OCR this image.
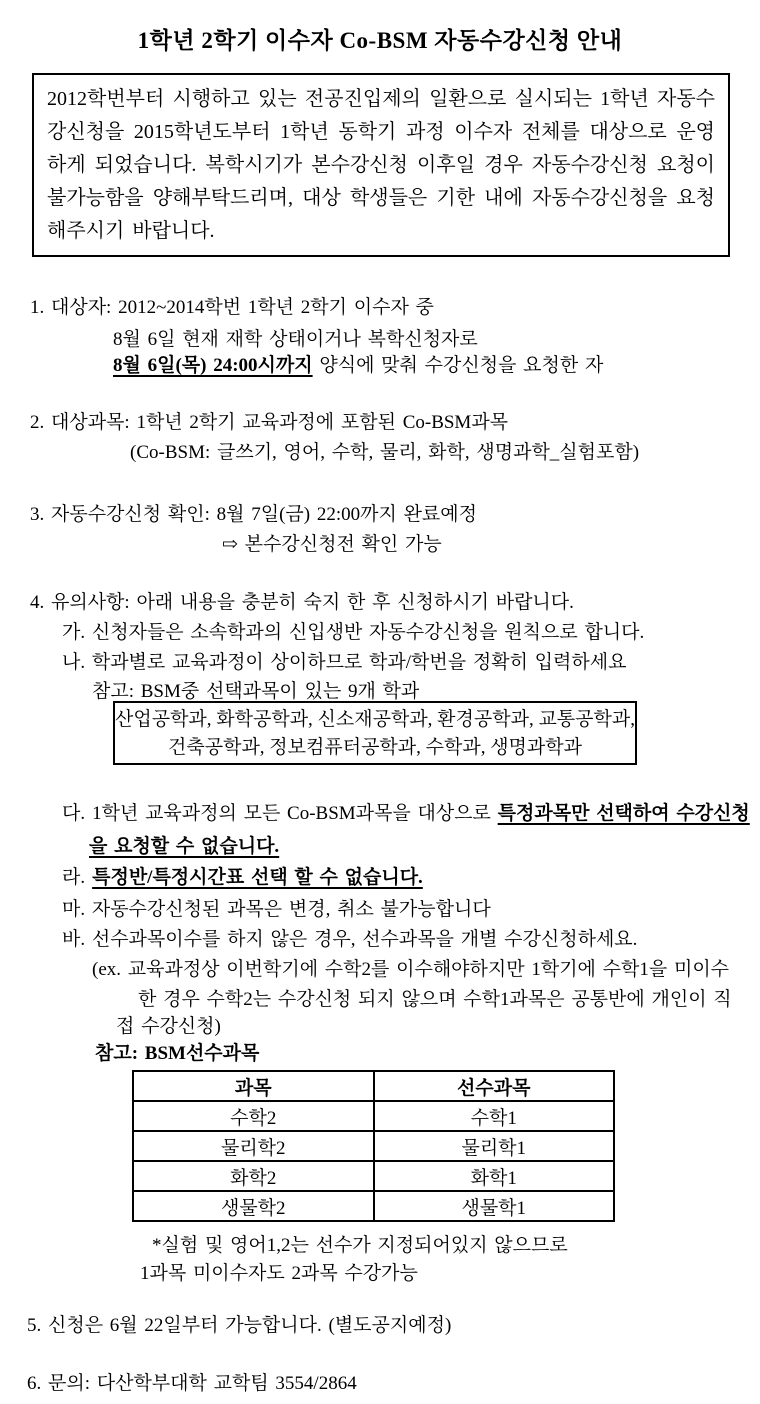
1학년 2학기 이수자 Co-BSM 자동수강신청 안내
2012학번부터 시행하고 있는 전공진입제의 일환으로 실시되는 1학년 자동수강신청을 2015학년도부터 1학년 동학기 과정 이수자 전체를 대상으로 운영하게 되었습니다. 복학시기가 본수강신청 이후일 경우 자동수강신청 요청이 불가능함을 양해부탁드리며, 대상 학생들은 기한 내에 자동수강신청을 요청해주시기 바랍니다.
1. 대상자: 2012~2014학번 1학년 2학기 이수자 중
8월 6일 현재 재학 상태이거나 복학신청자로
8월 6일(목) 24:00시까지 양식에 맞춰 수강신청을 요청한 자
2. 대상과목: 1학년 2학기 교육과정에 포함된 Co-BSM과목
(Co-BSM: 글쓰기, 영어, 수학, 물리, 화학, 생명과학_실험포함)
3. 자동수강신청 확인: 8월 7일(금) 22:00까지 완료예정
⇨ 본수강신청전 확인 가능
4. 유의사항: 아래 내용을 충분히 숙지 한 후 신청하시기 바랍니다.
가. 신청자들은 소속학과의 신입생반 자동수강신청을 원칙으로 합니다.
나. 학과별로 교육과정이 상이하므로 학과/학번을 정확히 입력하세요
참고: BSM중 선택과목이 있는 9개 학과
산업공학과, 화학공학과, 신소재공학과, 환경공학과, 교통공학과,
건축공학과, 정보컴퓨터공학과, 수학과, 생명과학과
다. 1학년 교육과정의 모든 Co-BSM과목을 대상으로 특정과목만 선택하여 수강신청을 요청할 수 없습니다.
라. 특정반/특정시간표 선택 할 수 없습니다.
마. 자동수강신청된 과목은 변경, 취소 불가능합니다
바. 선수과목이수를 하지 않은 경우, 선수과목을 개별 수강신청하세요.
(ex. 교육과정상 이번학기에 수학2를 이수해야하지만 1학기에 수학1을 미이수
한 경우 수학2는 수강신청 되지 않으며 수학1과목은 공통반에 개인이 직
접 수강신청)
참고: BSM선수과목
과목	선수과목
수학2	수학1
물리학2	물리학1
화학2	화학1
생물학2	생물학1
*실험 및 영어1,2는 선수가 지정되어있지 않으므로
1과목 미이수자도 2과목 수강가능
5. 신청은 6월 22일부터 가능합니다. (별도공지예정)
6. 문의: 다산학부대학 교학팀 3554/2864
